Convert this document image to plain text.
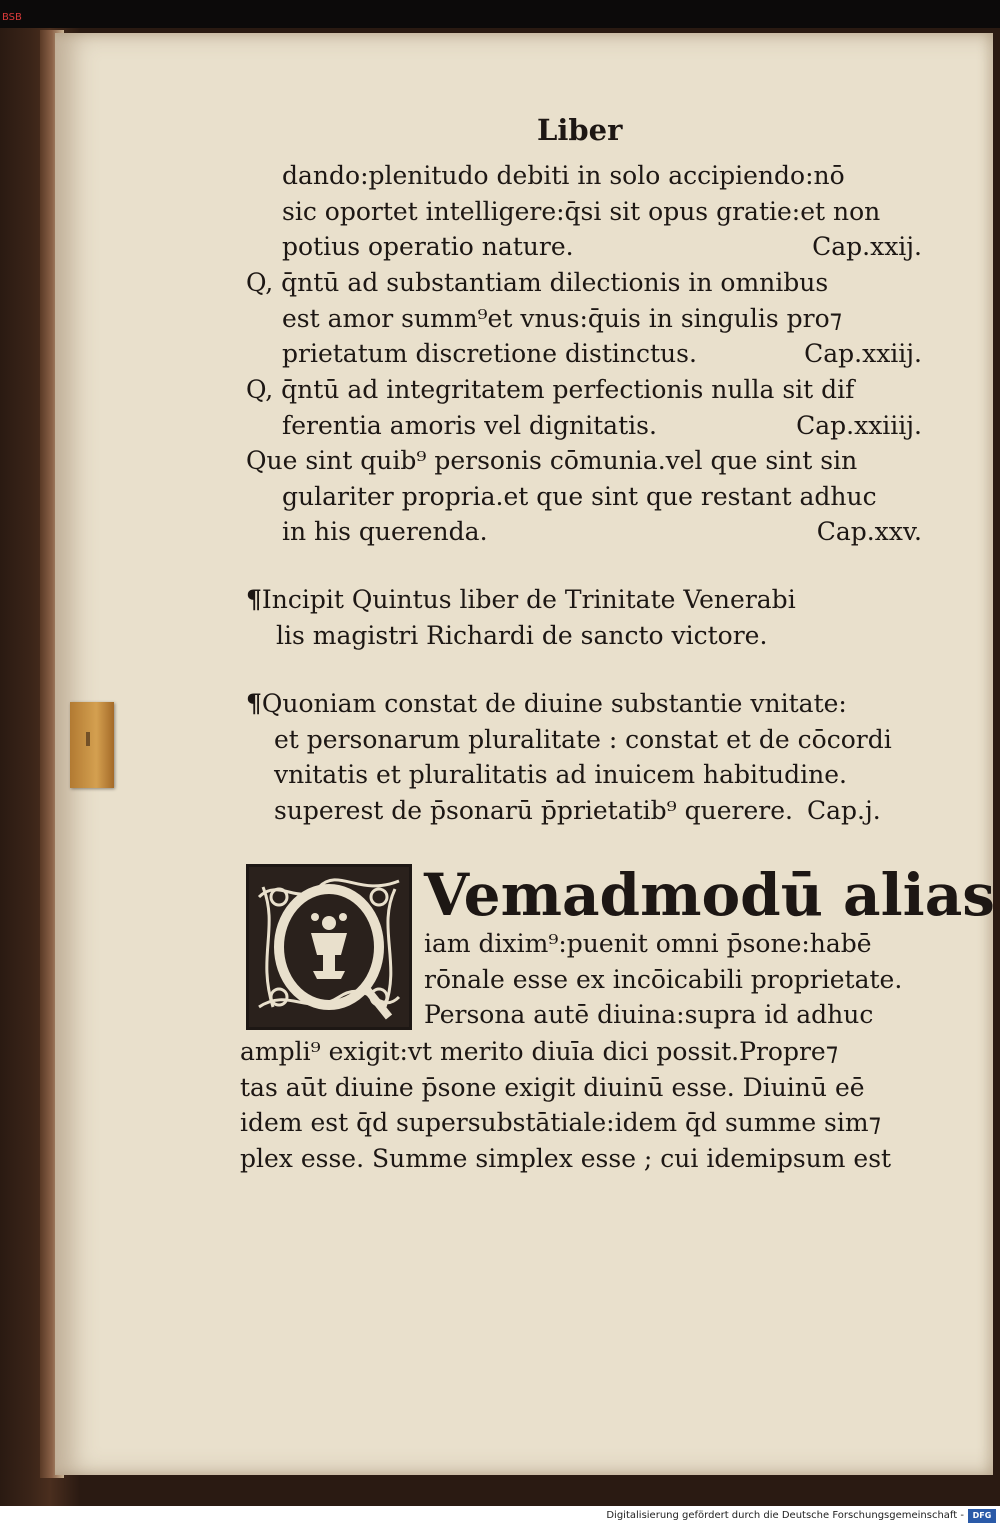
BSB
Liber
dando:plenitudo debiti in solo accipiendo:nō
sic oportet intelligere:q̄si sit opus gratie:et non
potius operatio nature.	Cap.xxij.
Q, q̄ntū ad substantiam dilectionis in omnibus
est amor summ⁹et vnus:q̄uis in singulis pro⁊
prietatum discretione distinctus.	Cap.xxiij.
Q, q̄ntū ad integritatem perfectionis nulla sit dif
ferentia amoris vel dignitatis.	Cap.xxiiij.
Que sint quib⁹ personis cōmunia.vel que sint sin
gulariter propria.et que sint que restant adhuc
in his querenda.	Cap.xxv.
¶Incipit Quintus liber de Trinitate Venerabi
lis magistri Richardi de sancto victore.
¶Quoniam constat de diuine substantie vnitate:
et personarum pluralitate : constat et de cōcordi
vnitatis et pluralitatis ad inuicem habitudine.
superest de p̄sonarū p̄prietatib⁹ querere. Cap.j.
Vemadmodū alias
iam dixim⁹:puenit omni p̄sone:habē
rōnale esse ex incōicabili proprietate.
Persona autē diuina:supra id adhuc
ampli⁹ exigit:vt merito diuīa dici possit.Propre⁊
tas aūt diuine p̄sone exigit diuinū esse. Diuinū eē
idem est q̄d supersubstātiale:idem q̄d summe sim⁊
plex esse. Summe simplex esse ; cui idemipsum est
Digitalisierung gefördert durch die Deutsche Forschungsgemeinschaft -	DFG
